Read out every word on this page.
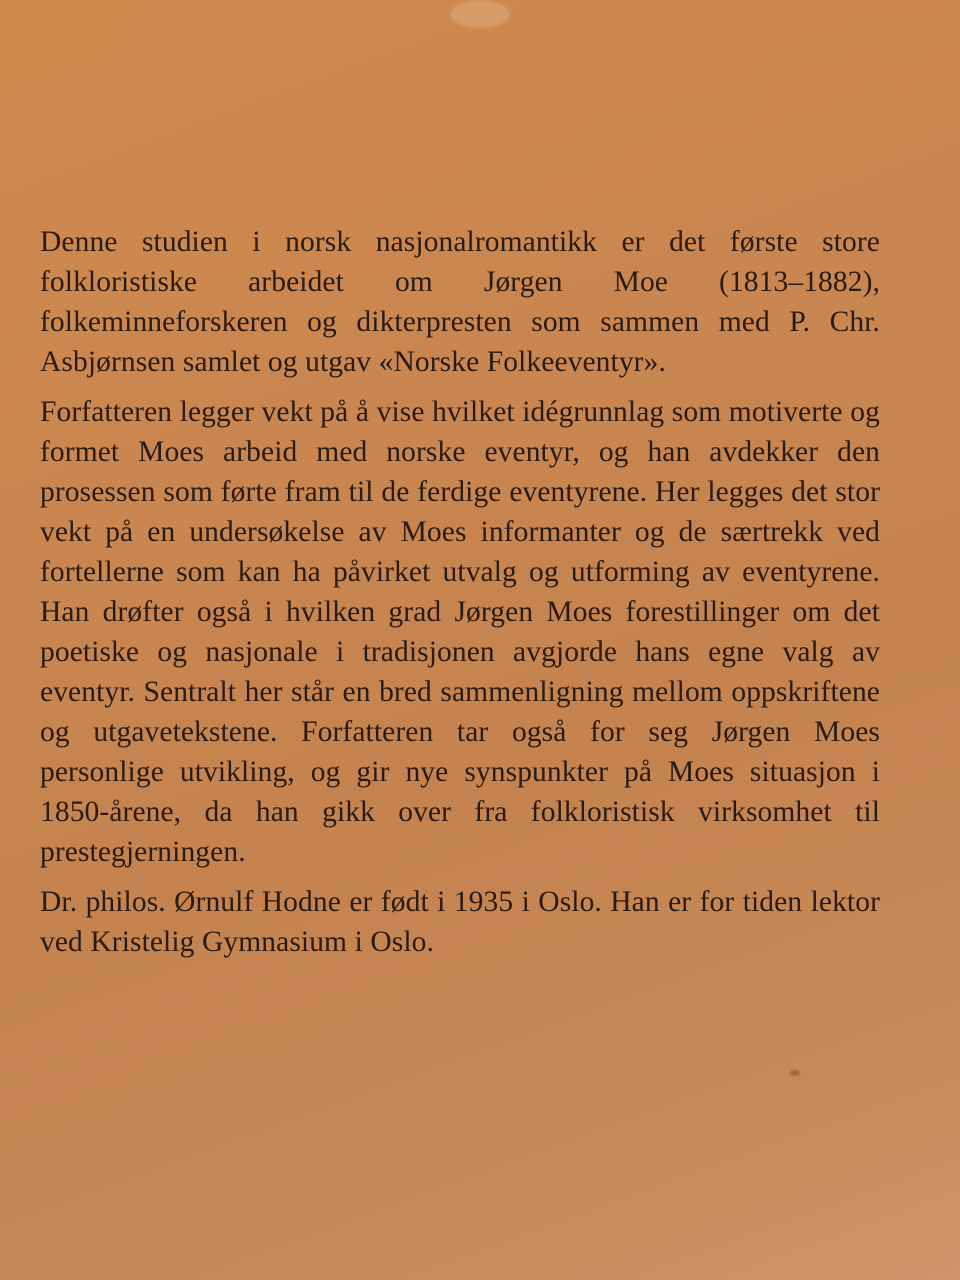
Denne studien i norsk nasjonalromantikk er det første store folkloristiske arbeidet om Jørgen Moe (1813–1882), folkeminneforskeren og dikterpresten som sammen med P. Chr. Asbjørnsen samlet og utgav «Norske Folkeeventyr».

Forfatteren legger vekt på å vise hvilket idégrunnlag som motiverte og formet Moes arbeid med norske eventyr, og han avdekker den prosessen som førte fram til de ferdige eventyrene. Her legges det stor vekt på en undersøkelse av Moes informanter og de særtrekk ved fortellerne som kan ha påvirket utvalg og utforming av eventyrene. Han drøfter også i hvilken grad Jørgen Moes forestillinger om det poetiske og nasjonale i tradisjonen avgjorde hans egne valg av eventyr. Sentralt her står en bred sammenligning mellom oppskriftene og utgavetekstene. Forfatteren tar også for seg Jørgen Moes personlige utvikling, og gir nye synspunkter på Moes situasjon i 1850-årene, da han gikk over fra folkloristisk virksomhet til prestegjerningen.

Dr. philos. Ørnulf Hodne er født i 1935 i Oslo. Han er for tiden lektor ved Kristelig Gymnasium i Oslo.
